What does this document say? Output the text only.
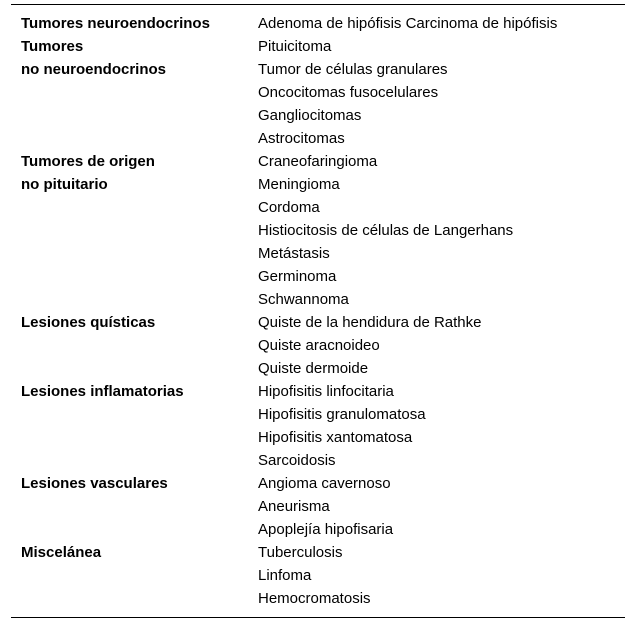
Tumores neuroendocrinos	Adenoma de hipófisis Carcinoma de hipófisis
Tumores	Pituicitoma
no neuroendocrinos	Tumor de células granulares
Oncocitomas fusocelulares
Gangliocitomas
Astrocitomas
Tumores de origen	Craneofaringioma
no pituitario	Meningioma
Cordoma
Histiocitosis de células de Langerhans
Metástasis
Germinoma
Schwannoma
Lesiones quísticas	Quiste de la hendidura de Rathke
Quiste aracnoideo
Quiste dermoide
Lesiones inflamatorias	Hipofisitis linfocitaria
Hipofisitis granulomatosa
Hipofisitis xantomatosa
Sarcoidosis
Lesiones vasculares	Angioma cavernoso
Aneurisma
Apoplejía hipofisaria
Miscelánea	Tuberculosis
Linfoma
Hemocromatosis
